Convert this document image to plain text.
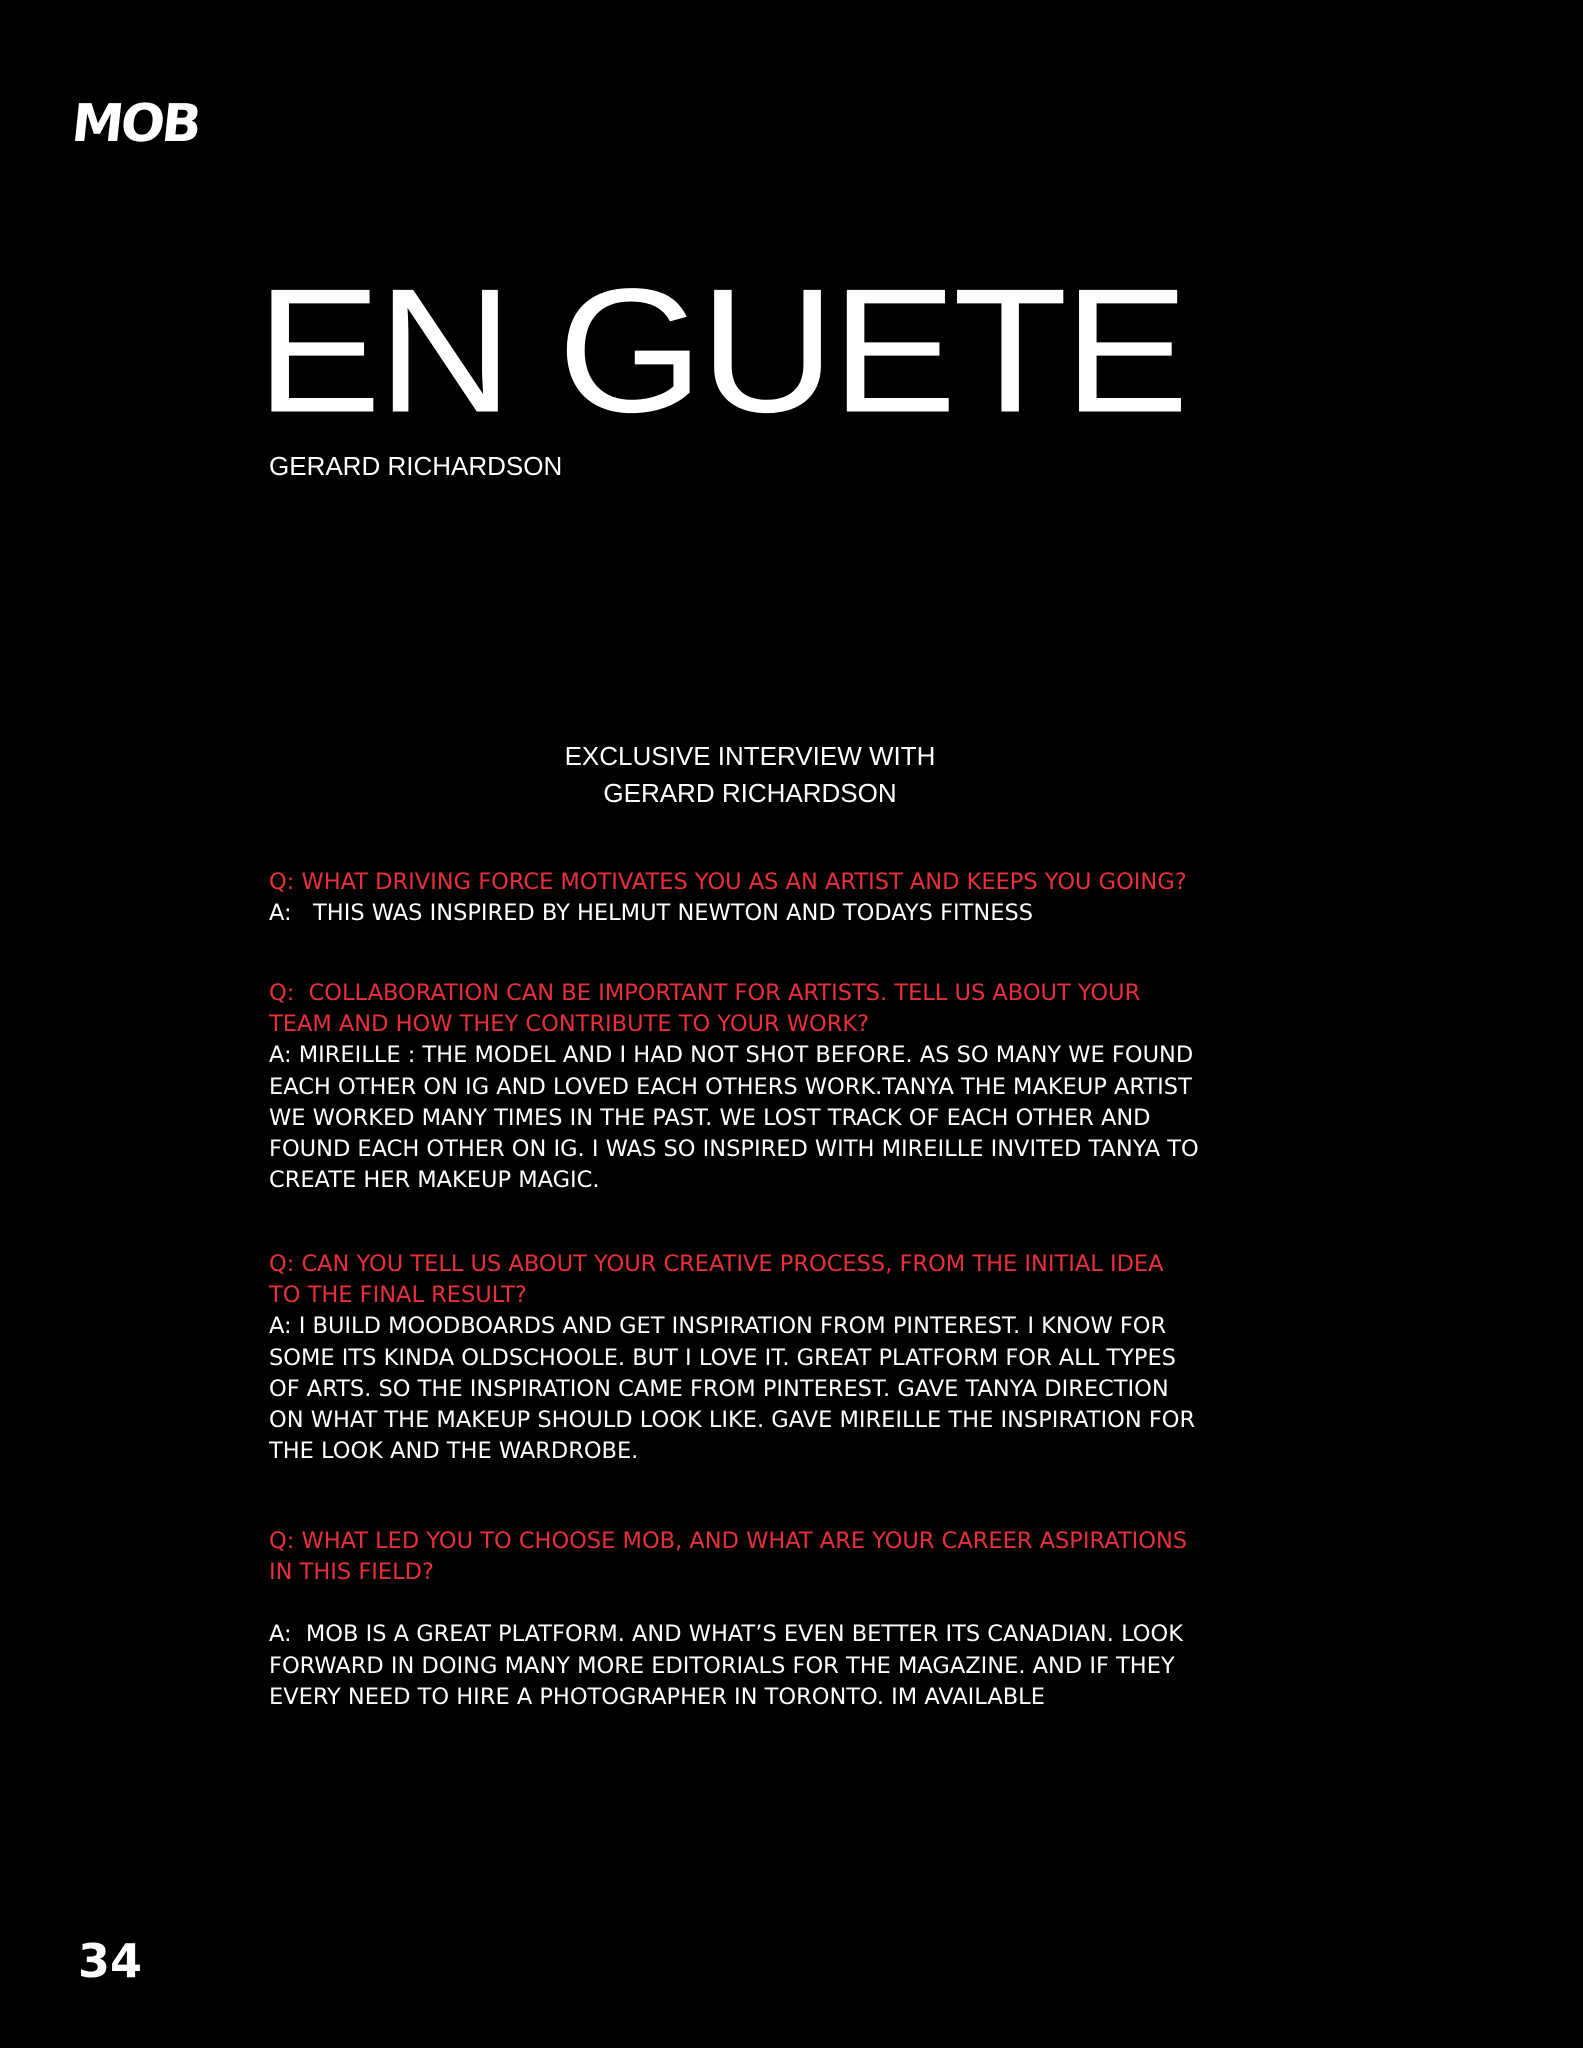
MOB
EN GUETE
GERARD RICHARDSON
EXCLUSIVE INTERVIEW WITH
GERARD RICHARDSON
Q: WHAT DRIVING FORCE MOTIVATES YOU AS AN ARTIST AND KEEPS YOU GOING?
A:   THIS WAS INSPIRED BY HELMUT NEWTON AND TODAYS FITNESS
Q:  COLLABORATION CAN BE IMPORTANT FOR ARTISTS. TELL US ABOUT YOUR
TEAM AND HOW THEY CONTRIBUTE TO YOUR WORK?
A: MIREILLE : THE MODEL AND I HAD NOT SHOT BEFORE. AS SO MANY WE FOUND
EACH OTHER ON IG AND LOVED EACH OTHERS WORK.TANYA THE MAKEUP ARTIST
WE WORKED MANY TIMES IN THE PAST. WE LOST TRACK OF EACH OTHER AND
FOUND EACH OTHER ON IG. I WAS SO INSPIRED WITH MIREILLE INVITED TANYA TO
CREATE HER MAKEUP MAGIC.
Q: CAN YOU TELL US ABOUT YOUR CREATIVE PROCESS, FROM THE INITIAL IDEA
TO THE FINAL RESULT?
A: I BUILD MOODBOARDS AND GET INSPIRATION FROM PINTEREST. I KNOW FOR
SOME ITS KINDA OLDSCHOOLE. BUT I LOVE IT. GREAT PLATFORM FOR ALL TYPES
OF ARTS. SO THE INSPIRATION CAME FROM PINTEREST. GAVE TANYA DIRECTION
ON WHAT THE MAKEUP SHOULD LOOK LIKE. GAVE MIREILLE THE INSPIRATION FOR
THE LOOK AND THE WARDROBE.
Q: WHAT LED YOU TO CHOOSE MOB, AND WHAT ARE YOUR CAREER ASPIRATIONS
IN THIS FIELD?
A:  MOB IS A GREAT PLATFORM. AND WHAT’S EVEN BETTER ITS CANADIAN. LOOK
FORWARD IN DOING MANY MORE EDITORIALS FOR THE MAGAZINE. AND IF THEY
EVERY NEED TO HIRE A PHOTOGRAPHER IN TORONTO. IM AVAILABLE
34
